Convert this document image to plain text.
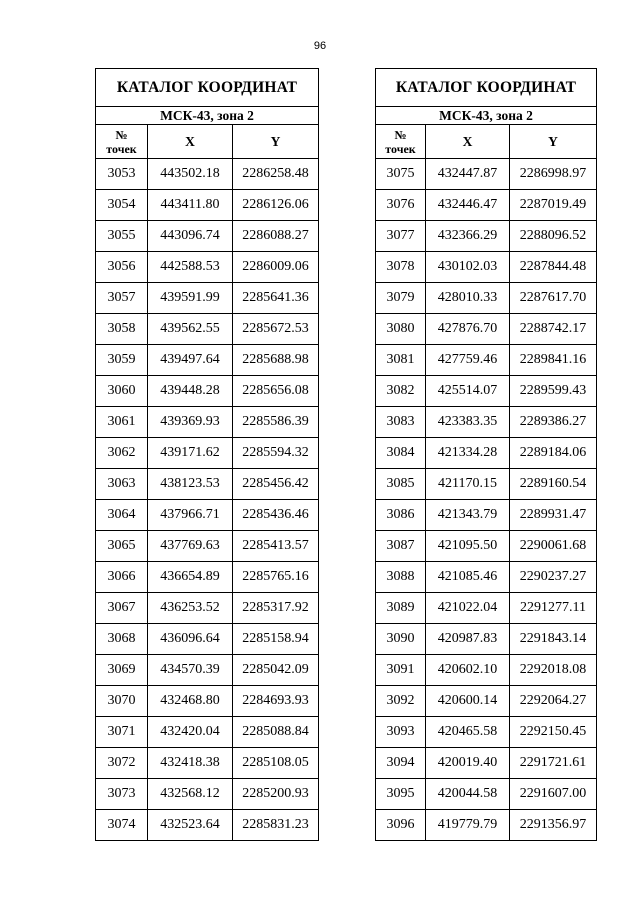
96
КАТАЛОГ КООРДИНАТ		
МСК-43, зона 2		
№
точек	X	Y
3053	443502.18	2286258.48
3054	443411.80	2286126.06
3055	443096.74	2286088.27
3056	442588.53	2286009.06
3057	439591.99	2285641.36
3058	439562.55	2285672.53
3059	439497.64	2285688.98
3060	439448.28	2285656.08
3061	439369.93	2285586.39
3062	439171.62	2285594.32
3063	438123.53	2285456.42
3064	437966.71	2285436.46
3065	437769.63	2285413.57
3066	436654.89	2285765.16
3067	436253.52	2285317.92
3068	436096.64	2285158.94
3069	434570.39	2285042.09
3070	432468.80	2284693.93
3071	432420.04	2285088.84
3072	432418.38	2285108.05
3073	432568.12	2285200.93
3074	432523.64	2285831.23
КАТАЛОГ КООРДИНАТ		
МСК-43, зона 2		
№
точек	X	Y
3075	432447.87	2286998.97
3076	432446.47	2287019.49
3077	432366.29	2288096.52
3078	430102.03	2287844.48
3079	428010.33	2287617.70
3080	427876.70	2288742.17
3081	427759.46	2289841.16
3082	425514.07	2289599.43
3083	423383.35	2289386.27
3084	421334.28	2289184.06
3085	421170.15	2289160.54
3086	421343.79	2289931.47
3087	421095.50	2290061.68
3088	421085.46	2290237.27
3089	421022.04	2291277.11
3090	420987.83	2291843.14
3091	420602.10	2292018.08
3092	420600.14	2292064.27
3093	420465.58	2292150.45
3094	420019.40	2291721.61
3095	420044.58	2291607.00
3096	419779.79	2291356.97
